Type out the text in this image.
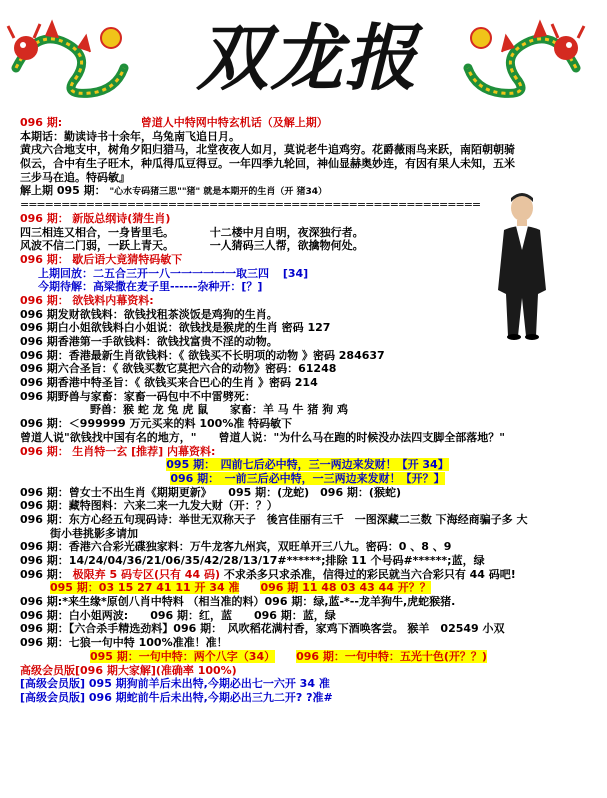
双龙报
096 期:	曾道人中特网中特玄机话（及解上期）
本期话：勤读诗书十余年，乌兔南飞追日月。
黄戌六合地支中，树角夕阳归猎马，北堂夜夜人如月，莫说老牛追鸡穷。花爵薇雨鸟来跃，南陌朝朝骑
似云，合中有生子旺木，种瓜得瓜豆得豆。一年四季九轮回，神仙显赫奥妙连，有因有果人未知，五米
三步马在追。特码敏』
解上期 095 期： "心水专码猪三思""猪" 就是本期开的生肖（开 猪34）
========================================================
096 期： 新版总纲诗(猜生肖)
四三相连又相合，一身皆里毛。	十二楼中月自明，夜深独行者。
风波不信二门弱，一跃上青天。	一人猜码三人帮，欲擒物何处。
096 期： 歇后语大竟猜特码敏下
上期回放：二五合三开一八一一一一一一取三四 [34]
今期待解：高梁撒在麦子里------杂种开：[？]
096 期： 欲钱料内幕资料:
096 期发财欲钱料：欲钱找租茶淡饭是鸡狗的生肖。
096 期白小姐欲钱料白小姐说：欲钱找是猴虎的生肖 密码 127
096 期香港第一手欲钱料：欲钱找富贵不淫的动物。
096 期：香港最新生肖欲钱料：《 欲钱买不长明项的动物 》密码 284637
096 期六合圣旨：《 欲钱买数它莫把六合的动物》密码：61248
096 期香港中特圣旨：《 欲钱买来合巴心的生肖 》密码 214
096 期野兽与家畜：家畜一码包中不中雷劈死：
野兽：猴 蛇 龙 兔 虎 鼠 家畜：羊 马 牛 猪 狗 鸡
096 期：＜999999 万元买来的料 100%准 特码敏下
曾道人说"欲钱找中国有名的地方，"　　曾道人说："为什么马在跑的时候没办法四支脚全部落地？"
096 期： 生肖特一玄 [推荐] 内幕资料:
095 期：　四前七后必中特，三一两边来发财！【开 34】
096 期：　一前三后必中特，一三两边来发财！【开？】
096 期：曾女士不出生肖《期期更新》　　095 期：(龙蛇)　096 期：(猴蛇)
096 期：藏特图料：六来二来一九发大财（开：？）
096 期：东方心经五句现码诗：举世无双称天子　後宫佳丽有三千　一图深藏二三数 下海经商骗子多 大
街小巷挑影多请加
096 期：香港六合彩光碟独家料：万牛龙客九州宾，双旺单开三八九。密码：0 、8 、9
096 期：14/24/04/36/21/06/35/42/28/13/17#******;排除 11 个号码#******;蓝，绿
096 期： 极限弃 5 码专区(只有 44 码) 不求杀多只求杀准，信得过的彩民就当六合彩只有 44 码吧!
095 期：03 15 27 41 11 开 34 准 096 期 11 48 03 43 44 开？？
096 期:*来生缘*原创八肖中特料 （相当准的料）096 期：绿,蓝-*--龙羊狗牛,虎蛇猴猪.
096 期：白小姐两波:　　096 期：红，蓝　　096 期：蓝，绿
096 期：【六合杀手精选劲料】096 期：　风吹稻花满村香，家鸡下酒唤客尝。 猴羊　02549 小双
096 期：七狼一句中特 100%准准！准！
095 期：一句中特：两个八字（34） 096 期：一句中特：五光十色(开？？)
高级会员版[096 期大家解](准确率 100%)
[高级会员版] 095 期狗前羊后未出特,今期必出七一六开 34 准
[高级会员版] 096 期蛇前牛后未出特,今期必出三九二开? ?准#
